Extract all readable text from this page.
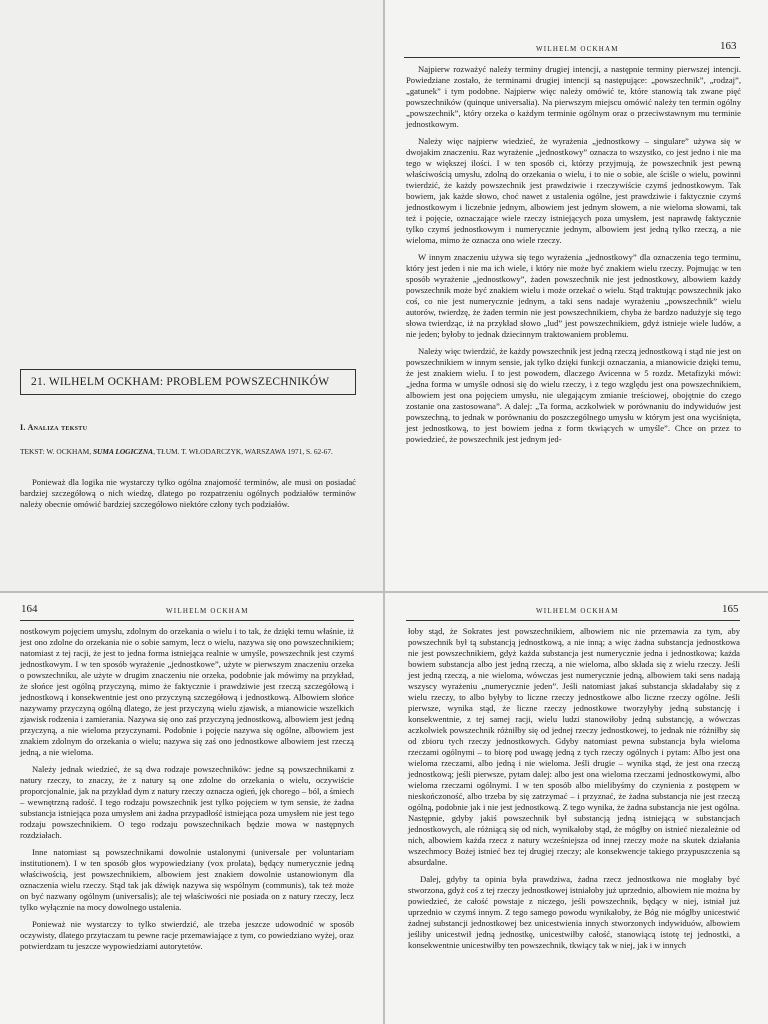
21. WILHELM OCKHAM: PROBLEM POWSZECHNIKÓW
I. Analiza tekstu
TEKST: W. OCKHAM, SUMA LOGICZNA, TŁUM. T. WŁODARCZYK, WARSZAWA 1971, S. 62-67.

Ponieważ dla logika nie wystarczy tylko ogólna znajomość terminów, ale musi on posiadać bardziej szczegółową o nich wiedzę, dlatego po rozpatrzeniu ogólnych podziałów terminów należy obecnie omówić bardziej szczegółowo niektóre człony tych podziałów.

WILHELM OCKHAM	163

Najpierw rozważyć należy terminy drugiej intencji, a następnie terminy pierwszej intencji. Powiedziane zostało, że terminami drugiej intencji są następujące: „powszechnik”, „rodzaj”, „gatunek” i tym podobne. Najpierw więc należy omówić te, które stanowią tak zwane pięć powszechników (quinque universalia). Na pierwszym miejscu omówić należy ten termin ogólny „powszechnik”, który orzeka o każdym terminie ogólnym oraz o przeciwstawnym mu terminie jednostkowym.

Należy więc najpierw wiedzieć, że wyrażenia „jednostkowy – singulare” używa się w dwojakim znaczeniu. Raz wyrażenie „jednostkowy” oznacza to wszystko, co jest jedno i nie ma tego w większej ilości. I w ten sposób ci, którzy przyjmują, że powszechnik jest pewną właściwością umysłu, zdolną do orzekania o wielu, i to nie o sobie, ale ściśle o wielu, powinni twierdzić, że każdy powszechnik jest prawdziwie i rzeczywiście czymś jednostkowym. Tak bowiem, jak każde słowo, choć nawet z ustalenia ogólne, jest prawdziwie i faktycznie czymś jednostkowym i liczebnie jednym, albowiem jest jednym słowem, a nie wieloma słowami, tak też i pojęcie, oznaczające wiele rzeczy istniejących poza umysłem, jest naprawdę faktycznie tylko czymś jednostkowym i numerycznie jednym, albowiem jest jedną tylko rzeczą, a nie wieloma, mimo że oznacza ono wiele rzeczy.

W innym znaczeniu używa się tego wyrażenia „jednostkowy” dla oznaczenia tego terminu, który jest jeden i nie ma ich wiele, i który nie może być znakiem wielu rzeczy. Pojmując w ten sposób wyrażenie „jednostkowy”, żaden powszechnik nie jest jednostkowy, albowiem każdy powszechnik może być znakiem wielu i może orzekać o wielu. Stąd traktując powszechnik jako coś, co nie jest numerycznie jednym, a taki sens nadaje wyrażeniu „powszechnik” wielu autorów, twierdzę, że żaden termin nie jest powszechnikiem, chyba że bardzo nadużyje się tego słowa twierdząc, iż na przykład słowo „lud” jest powszechnikiem, gdyż istnieje wiele ludów, a nie jeden; byłoby to jednak dziecinnym traktowaniem problemu.

Należy więc twierdzić, że każdy powszechnik jest jedną rzeczą jednostkową i stąd nie jest on powszechnikiem w innym sensie, jak tylko dzięki funkcji oznaczania, a mianowicie dzięki temu, że jest znakiem wielu. I to jest powodem, dlaczego Avicenna w 5 rozdz. Metafizyki mówi: „jedna forma w umyśle odnosi się do wielu rzeczy, i z tego względu jest ona powszechnikiem, albowiem jest ona pojęciem umysłu, nie ulegającym zmianie treściowej, obojętnie do czego zostanie ona zastosowana”. A dalej: „Ta forma, aczkolwiek w porównaniu do indywiduów jest powszechną, to jednak w porównaniu do poszczególnego umysłu w którym jest ona wyciśnięta, jest jednostkową, to jest bowiem jedna z form tkwiących w umyśle”. Chce on przez to powiedzieć, że powszechnik jest jednym jed-

164	WILHELM OCKHAM

nostkowym pojęciem umysłu, zdolnym do orzekania o wielu i to tak, że dzięki temu właśnie, iż jest ono zdolne do orzekania nie o sobie samym, lecz o wielu, nazywa się ono powszechnikiem; natomiast z tej racji, że jest to jedna forma istniejąca realnie w umyśle, powszechnik jest czymś jednostkowym. I w ten sposób wyrażenie „jednostkowe”, użyte w pierwszym znaczeniu orzeka o powszechniku, ale użyte w drugim znaczeniu nie orzeka, podobnie jak mówimy na przykład, że słońce jest ogólną przyczyną, mimo że faktycznie i prawdziwie jest rzeczą szczegółową i jednostkową i konsekwentnie jest ono przyczyną szczegółową i jednostkową. Albowiem słońce nazywamy przyczyną ogólną dlatego, że jest przyczyną wielu zjawisk, a mianowicie wszelkich zjawisk rodzenia i zamierania. Nazywa się ono zaś przyczyną jednostkową, albowiem jest jedną przyczyną, a nie wieloma przyczynami. Podobnie i pojęcie nazywa się ogólne, albowiem jest znakiem zdolnym do orzekania o wielu; nazywa się zaś ono jednostkowe albowiem jest rzeczą jedną, a nie wieloma.

Należy jednak wiedzieć, że są dwa rodzaje powszechników: jedne są powszechnikami z natury rzeczy, to znaczy, że z natury są one zdolne do orzekania o wielu, oczywiście proporcjonalnie, jak na przykład dym z natury rzeczy oznacza ogień, jęk chorego – ból, a śmiech – wewnętrzną radość. I tego rodzaju powszechnik jest tylko pojęciem w tym sensie, że żadna substancja istniejąca poza umysłem ani żadna przypadłość istniejąca poza umysłem nie jest tego rodzaju powszechnikiem. O tego rodzaju powszechnikach będzie mowa w następnych rozdziałach.

Inne natomiast są powszechnikami dowolnie ustalonymi (universale per voluntariam institutionem). I w ten sposób głos wypowiedziany (vox prolata), będący numerycznie jedną właściwością, jest powszechnikiem, albowiem jest znakiem dowolnie ustanowionym dla oznaczenia wielu rzeczy. Stąd tak jak dźwięk nazywa się wspólnym (communis), tak też może on być nazwany ogólnym (universalis); ale tej właściwości nie posiada on z natury rzeczy, lecz tylko wyłącznie na mocy dowolnego ustalenia.

Ponieważ nie wystarczy to tylko stwierdzić, ale trzeba jeszcze udowodnić w sposób oczywisty, dlatego przytaczam tu pewne racje przemawiające z tym, co powiedziano wyżej, oraz potwierdzam tu jeszcze wypowiedziami autorytetów.

WILHELM OCKHAM	165

łoby stąd, że Sokrates jest powszechnikiem, albowiem nic nie przemawia za tym, aby powszechnik był tą substancją jednostkową, a nie inną; a więc żadna substancja jednostkowa nie jest powszechnikiem, gdyż każda substancja jest numerycznie jedna i jednostkowa; każda bowiem substancja albo jest jedną rzeczą, a nie wieloma, albo składa się z wielu rzeczy. Jeśli jest jedną rzeczą, a nie wieloma, wówczas jest numerycznie jedną, albowiem taki sens nadają wszyscy wyrażeniu „numerycznie jeden”. Jeśli natomiast jakaś substancja składałaby się z wielu rzeczy, to albo byłyby to liczne rzeczy jednostkowe albo liczne rzeczy ogólne. Jeśli pierwsze, wynika stąd, że liczne rzeczy jednostkowe tworzyłyby jedną substancję i konsekwentnie, z tej samej racji, wielu ludzi stanowiłoby jedną substancję, a wówczas aczkolwiek powszechnik różniłby się od jednej rzeczy jednostkowej, to jednak nie różniłby się od zbioru tych rzeczy jednostkowych. Gdyby natomiast pewna substancja była wieloma rzeczami ogólnymi – to biorę pod uwagę jedną z tych rzeczy ogólnych i pytam: Albo jest ona wieloma rzeczami, albo jedną i nie wieloma. Jeśli drugie – wynika stąd, że jest ona rzeczą jednostkową; jeśli pierwsze, pytam dalej: albo jest ona wieloma rzeczami jednostkowymi, albo wieloma rzeczami ogólnymi. I w ten sposób albo mielibyśmy do czynienia z postępem w nieskończoność, albo trzeba by się zatrzymać – i przyznać, że żadna substancja nie jest rzeczą ogólną, podobnie jak i nie jest jednostkową. Z tego wynika, że żadna substancja nie jest ogólna. Następnie, gdyby jakiś powszechnik był substancją jedną istniejącą w substancjach jednostkowych, ale różniącą się od nich, wynikałoby stąd, że mógłby on istnieć niezależnie od nich, albowiem każda rzecz z natury wcześniejsza od innej rzeczy może na skutek działania wszechmocy Bożej istnieć bez tej drugiej rzeczy; ale konsekwencje takiego przypuszczenia są absurdalne.

Dalej, gdyby ta opinia była prawdziwa, żadna rzecz jednostkowa nie mogłaby być stworzona, gdyż coś z tej rzeczy jednostkowej istniałoby już uprzednio, albowiem nie można by powiedzieć, że całość powstaje z niczego, jeśli powszechnik, będący w niej, istniał już uprzednio w czymś innym. Z tego samego powodu wynikałoby, że Bóg nie mógłby unicestwić żadnej substancji jednostkowej bez unicestwienia innych stworzonych indywiduów, albowiem jeśliby unicestwił jedną jednostkę, unicestwiłby całość, stanowiącą istotę tej jednostki, a konsekwentnie unicestwiłby ten powszechnik, tkwiący tak w niej, jak i w innych
